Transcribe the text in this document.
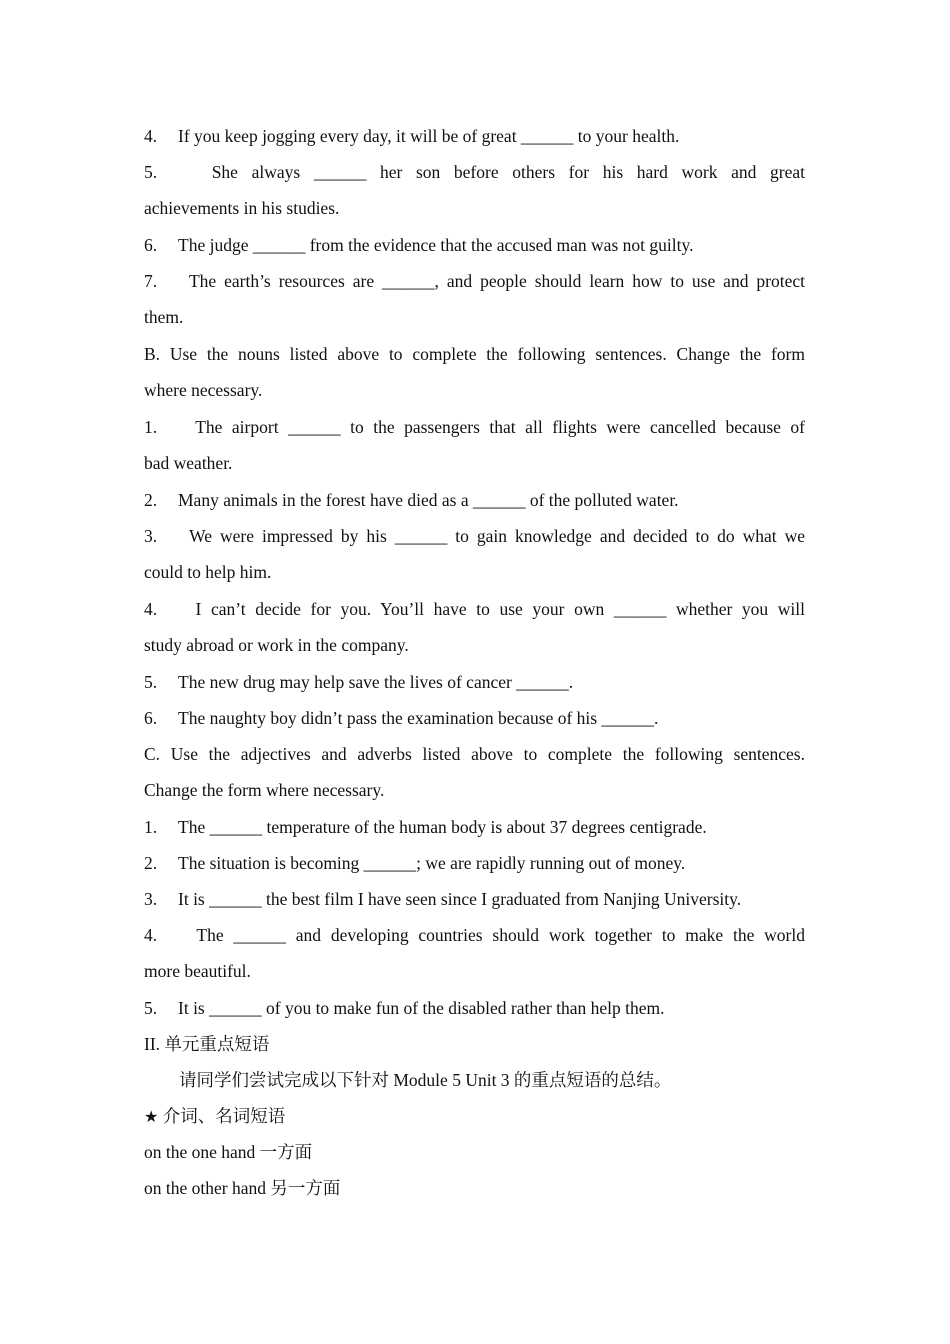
4. If you keep jogging every day, it will be of great ______ to your health.
5.	She always ______ her son before others for his hard work and great
achievements in his studies.
6. The judge ______ from the evidence that the accused man was not guilty.
7. The earth’s resources are ______, and people should learn how to use and protect
them.
B. Use the nouns listed above to complete the following sentences. Change the form
where necessary.
1. The airport ______ to the passengers that all flights were cancelled because of
bad weather.
2. Many animals in the forest have died as a ______ of the polluted water.
3. We were impressed by his ______ to gain knowledge and decided to do what we
could to help him.
4. I can’t decide for you. You’ll have to use your own ______ whether you will
study abroad or work in the company.
5. The new drug may help save the lives of cancer ______.
6. The naughty boy didn’t pass the examination because of his ______.
C. Use the adjectives and adverbs listed above to complete the following sentences.
Change the form where necessary.
1. The ______ temperature of the human body is about 37 degrees centigrade.
2. The situation is becoming ______; we are rapidly running out of money.
3. It is ______ the best film I have seen since I graduated from Nanjing University.
4. The ______ and developing countries should work together to make the world
more beautiful.
5. It is ______ of you to make fun of the disabled rather than help them.
II. 单元重点短语
请同学们尝试完成以下针对 Module 5 Unit 3 的重点短语的总结。
★ 介词、名词短语
on the one hand 一方面
on the other hand 另一方面
